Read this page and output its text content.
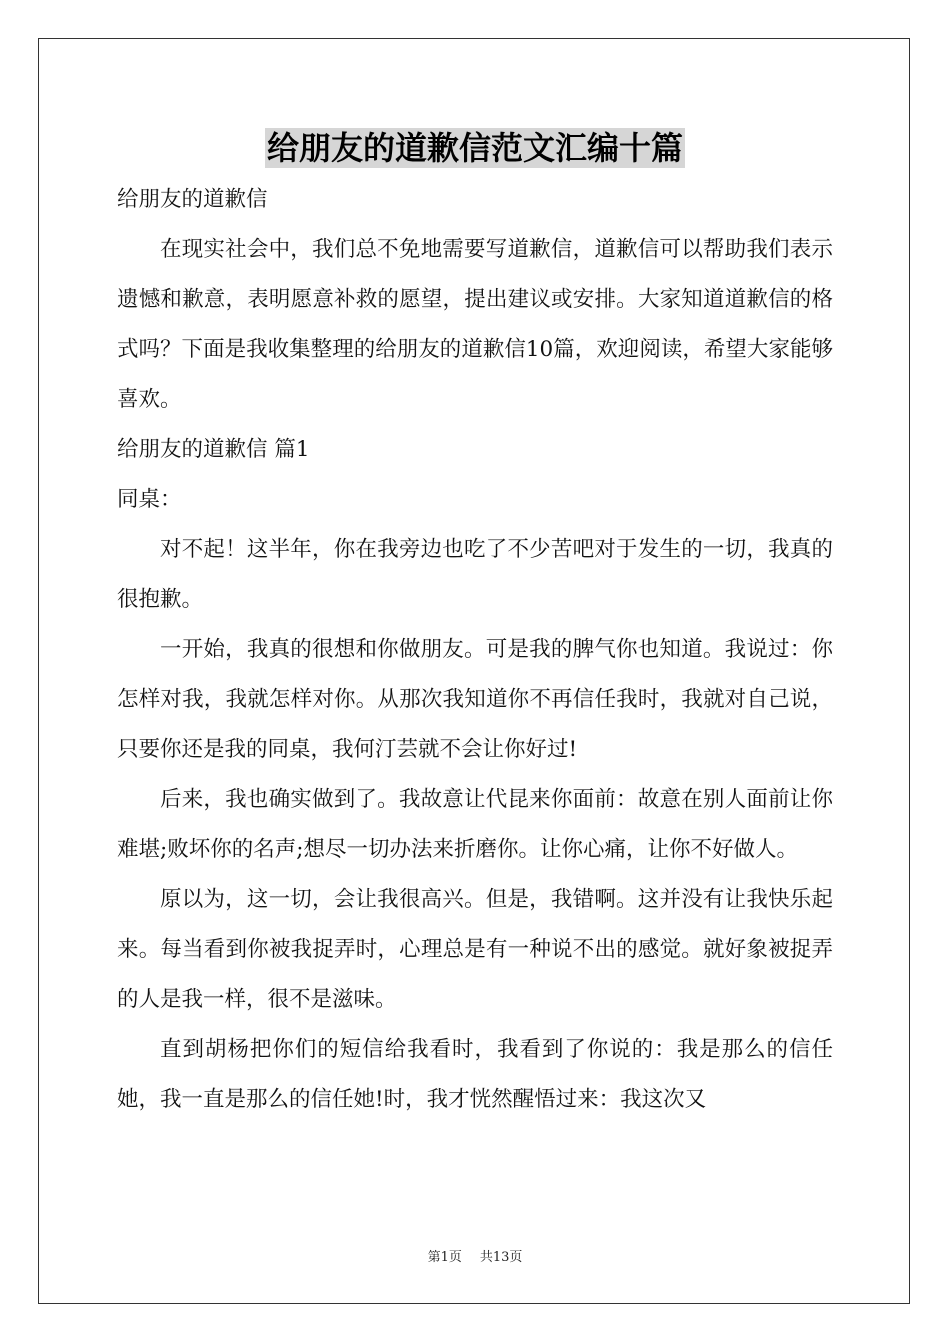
给朋友的道歉信范文汇编十篇

给朋友的道歉信

在现实社会中，我们总不免地需要写道歉信，道歉信可以帮助我们表示遗憾和歉意，表明愿意补救的愿望，提出建议或安排。大家知道道歉信的格式吗？下面是我收集整理的给朋友的道歉信10篇，欢迎阅读，希望大家能够喜欢。

给朋友的道歉信 篇1

同桌：

对不起！这半年，你在我旁边也吃了不少苦吧对于发生的一切，我真的很抱歉。

一开始，我真的很想和你做朋友。可是我的脾气你也知道。我说过：你怎样对我，我就怎样对你。从那次我知道你不再信任我时，我就对自己说，只要你还是我的同桌，我何汀芸就不会让你好过!

后来，我也确实做到了。我故意让代昆来你面前：故意在别人面前让你难堪;败坏你的名声;想尽一切办法来折磨你。让你心痛，让你不好做人。

原以为，这一切，会让我很高兴。但是，我错啊。这并没有让我快乐起来。每当看到你被我捉弄时，心理总是有一种说不出的感觉。就好象被捉弄的人是我一样，很不是滋味。

直到胡杨把你们的短信给我看时，我看到了你说的：我是那么的信任她，我一直是那么的信任她!时，我才恍然醒悟过来：我这次又

第1页 共13页
